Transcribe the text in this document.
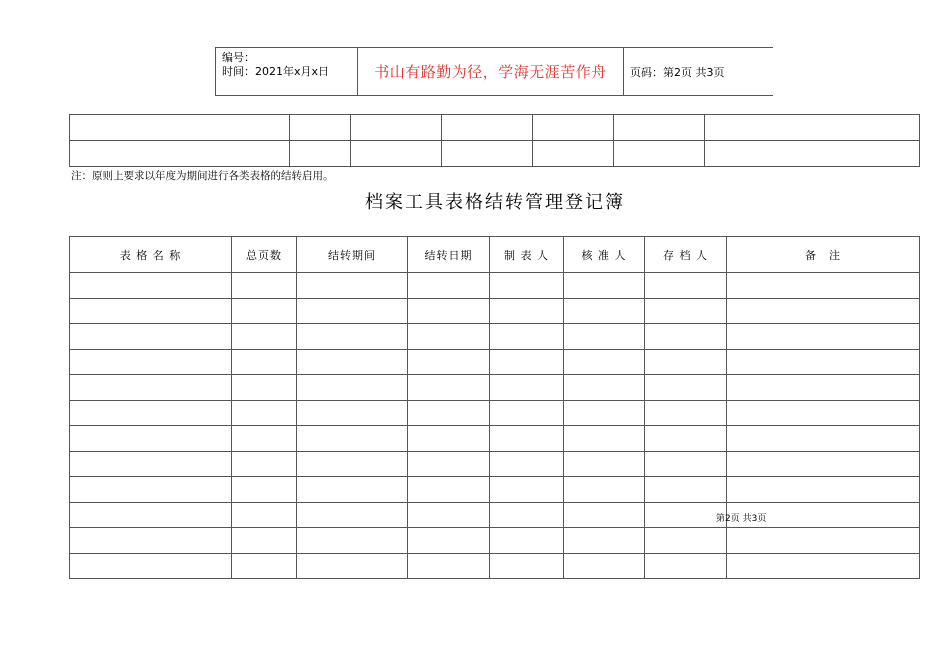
编号：
时间：2021年x月x日	书山有路勤为径，学海无涯苦作舟	页码：第2页 共3页

注：原则上要求以年度为期间进行各类表格的结转启用。
档案工具表格结转管理登记簿
表 格 名 称	总页数	结转期间	结转日期	制 表 人	核 准 人	存 档 人	备　注

第2页 共3页
